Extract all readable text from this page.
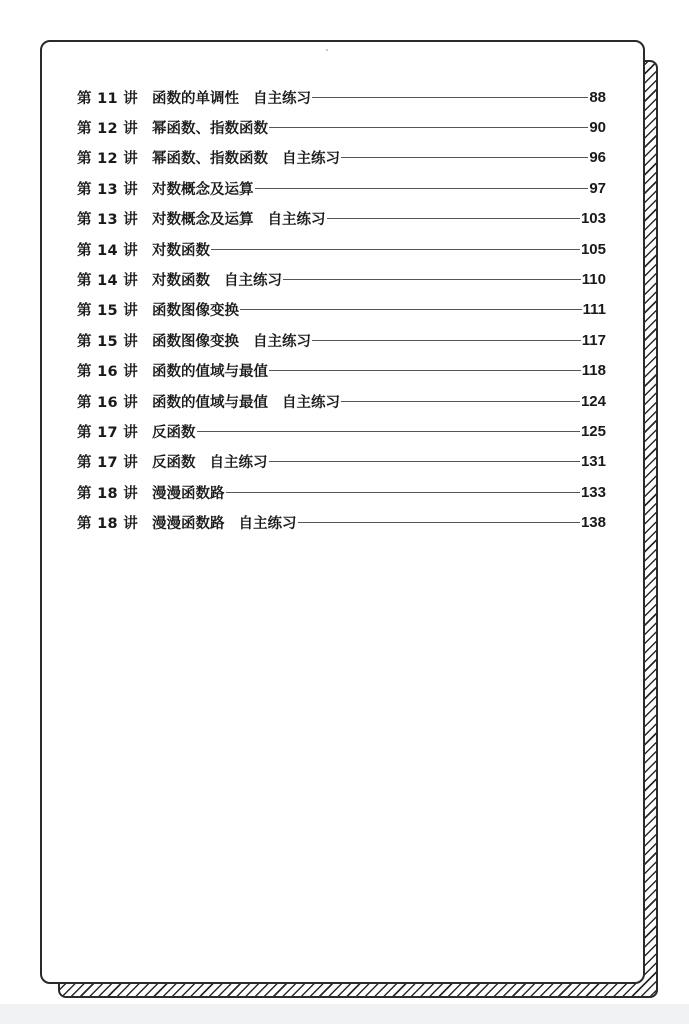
第 11 讲 函数的单调性 自主练习	88
第 12 讲 幂函数、指数函数	90
第 12 讲 幂函数、指数函数 自主练习	96
第 13 讲 对数概念及运算	97
第 13 讲 对数概念及运算 自主练习	103
第 14 讲 对数函数	105
第 14 讲 对数函数 自主练习	110
第 15 讲 函数图像变换	111
第 15 讲 函数图像变换 自主练习	117
第 16 讲 函数的值域与最值	118
第 16 讲 函数的值域与最值 自主练习	124
第 17 讲 反函数	125
第 17 讲 反函数 自主练习	131
第 18 讲 漫漫函数路	133
第 18 讲 漫漫函数路 自主练习	138
